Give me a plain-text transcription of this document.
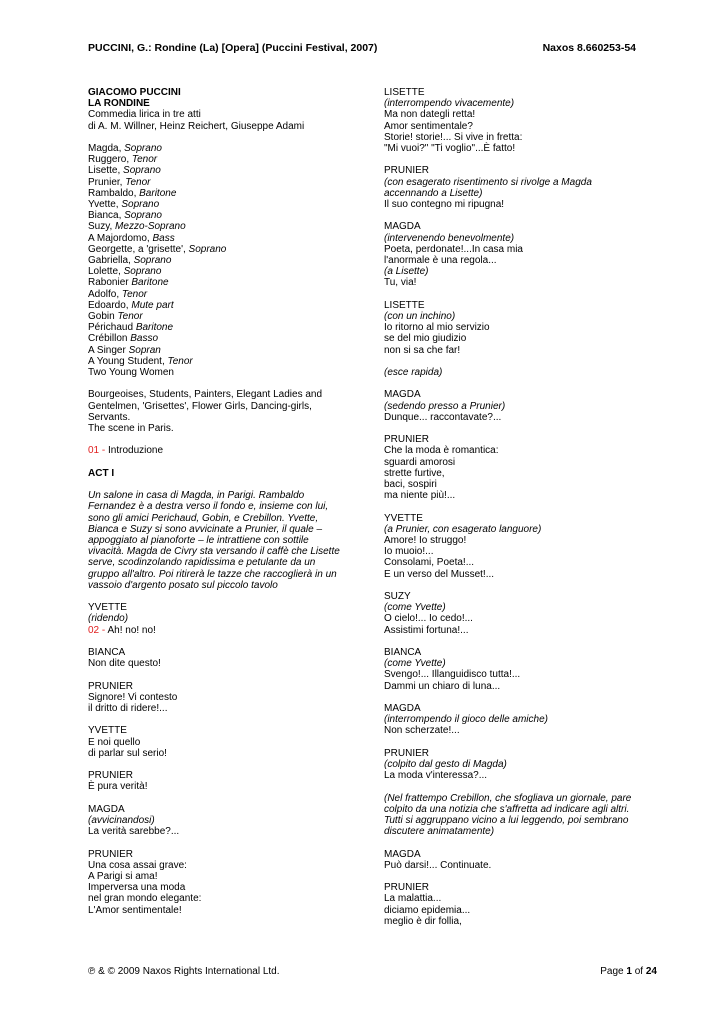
PUCCINI, G.: Rondine (La) [Opera] (Puccini Festival, 2007)	Naxos 8.660253-54
GIACOMO PUCCINI
LA RONDINE
Commedia lirica in tre atti
di A. M. Willner, Heinz Reichert, Giuseppe Adami
Magda, Soprano
Ruggero, Tenor
Lisette, Soprano
Prunier, Tenor
Rambaldo, Baritone
Yvette, Soprano
Bianca, Soprano
Suzy, Mezzo-Soprano
A Majordomo, Bass
Georgette, a 'grisette', Soprano
Gabriella, Soprano
Lolette, Soprano
Rabonier Baritone
Adolfo, Tenor
Edoardo, Mute part
Gobin Tenor
Périchaud Baritone
Crébillon Basso
A Singer Sopran
A Young Student, Tenor
Two Young Women
Bourgeoises, Students, Painters, Elegant Ladies and
Gentelmen, 'Grisettes', Flower Girls, Dancing-girls,
Servants.
The scene in Paris.
01 - Introduzione
ACT I
Un salone in casa di Magda, in Parigi. Rambaldo
Fernandez è a destra verso il fondo e, insieme con lui,
sono gli amici Perichaud, Gobin, e Crebillon. Yvette,
Bianca e Suzy si sono avvicinate a Prunier, il quale –
appoggiato al pianoforte – le intrattiene con sottile
vivacità. Magda de Civry sta versando il caffè che Lisette
serve, scodinzolando rapidissima e petulante da un
gruppo all'altro. Poi ritirerà le tazze che raccoglierà in un
vassoio d'argento posato sul piccolo tavolo
YVETTE
(ridendo)
02 - Ah! no! no!
BIANCA
Non dite questo!
PRUNIER
Signore! Vi contesto
il dritto di ridere!...
YVETTE
E noi quello
di parlar sul serio!
PRUNIER
È pura verità!
MAGDA
(avvicinandosi)
La verità sarebbe?...
PRUNIER
Una cosa assai grave:
A Parigi si ama!
Imperversa una moda
nel gran mondo elegante:
L'Amor sentimentale!
LISETTE
(interrompendo vivacemente)
Ma non dategli retta!
Amor sentimentale?
Storie! storie!... Si vive in fretta:
"Mi vuoi?" "Ti voglio"...È fatto!
PRUNIER
(con esagerato risentimento si rivolge a Magda
accennando a Lisette)
Il suo contegno mi ripugna!
MAGDA
(intervenendo benevolmente)
Poeta, perdonate!...In casa mia
l'anormale è una regola...
(a Lisette)
Tu, via!
LISETTE
(con un inchino)
Io ritorno al mio servizio
se del mio giudizio
non si sa che far!
(esce rapida)
MAGDA
(sedendo presso a Prunier)
Dunque... raccontavate?...
PRUNIER
Che la moda è romantica:
sguardi amorosi
strette furtive,
baci, sospiri
ma niente più!...
YVETTE
(a Prunier, con esagerato languore)
Amore! Io struggo!
Io muoio!...
Consolami, Poeta!...
E un verso del Musset!...
SUZY
(come Yvette)
O cielo!... Io cedo!...
Assistimi fortuna!...
BIANCA
(come Yvette)
Svengo!... Illanguidisco tutta!...
Dammi un chiaro di luna...
MAGDA
(interrompendo il gioco delle amiche)
Non scherzate!...
PRUNIER
(colpito dal gesto di Magda)
La moda v'interessa?...
(Nel frattempo Crebillon, che sfogliava un giornale, pare
colpito da una notizia che s'affretta ad indicare agli altri.
Tutti si aggruppano vicino a lui leggendo, poi sembrano
discutere animatamente)
MAGDA
Può darsi!... Continuate.
PRUNIER
La malattia...
diciamo epidemia...
meglio è dir follia,
℗ & © 2009 Naxos Rights International Ltd.	Page 1 of 24
